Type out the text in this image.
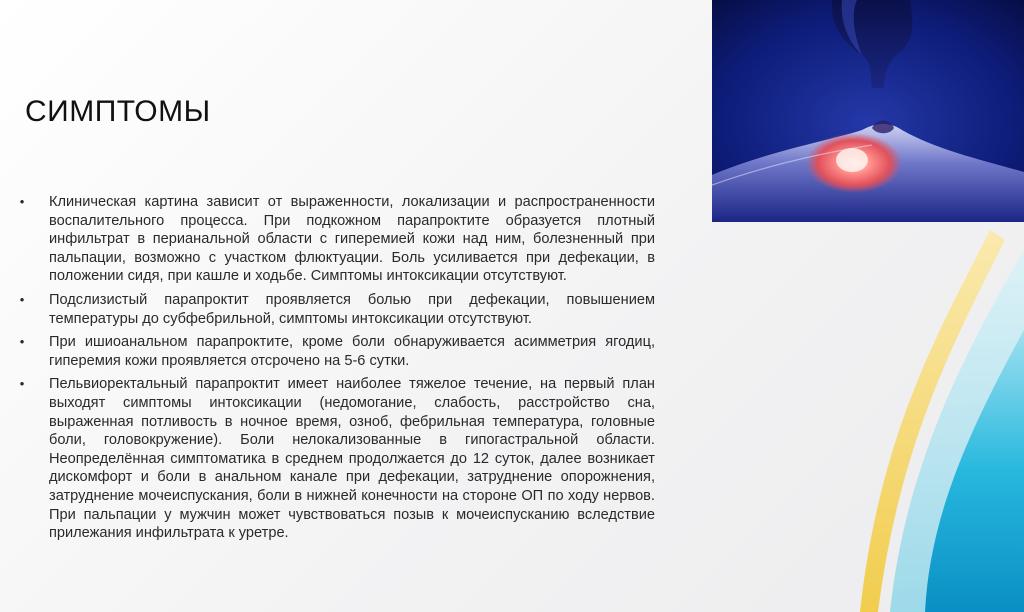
СИМПТОМЫ
• Клиническая картина зависит от выраженности, локализации и распространенности воспалительного процесса. При подкожном парапроктите образуется плотный инфильтрат в перианальной области с гиперемией кожи над ним, болезненный при пальпации, возможно с участком флюктуации. Боль усиливается при дефекации, в положении сидя, при кашле и ходьбе. Симптомы интоксикации отсутствуют.
• Подслизистый парапроктит проявляется болью при дефекации, повышением температуры до субфебрильной, симптомы интоксикации отсутствуют.
• При ишиоанальном парапроктите, кроме боли обнаруживается асимметрия ягодиц, гиперемия кожи проявляется отсрочено на 5-6 сутки.
• Пельвиоректальный парапроктит имеет наиболее тяжелое течение, на первый план выходят симптомы интоксикации (недомогание, слабость, расстройство сна, выраженная потливость в ночное время, озноб, фебрильная температура, головные боли, головокружение). Боли нелокализованные в гипогастральной области. Неопределённая симптоматика в среднем продолжается до 12 суток, далее возникает дискомфорт и боли в анальном канале при дефекации, затруднение опорожнения, затруднение мочеиспускания, боли в нижней конечности на стороне ОП по ходу нервов. При пальпации у мужчин может чувствоваться позыв к мочеиспусканию вследствие прилежания инфильтрата к уретре.
